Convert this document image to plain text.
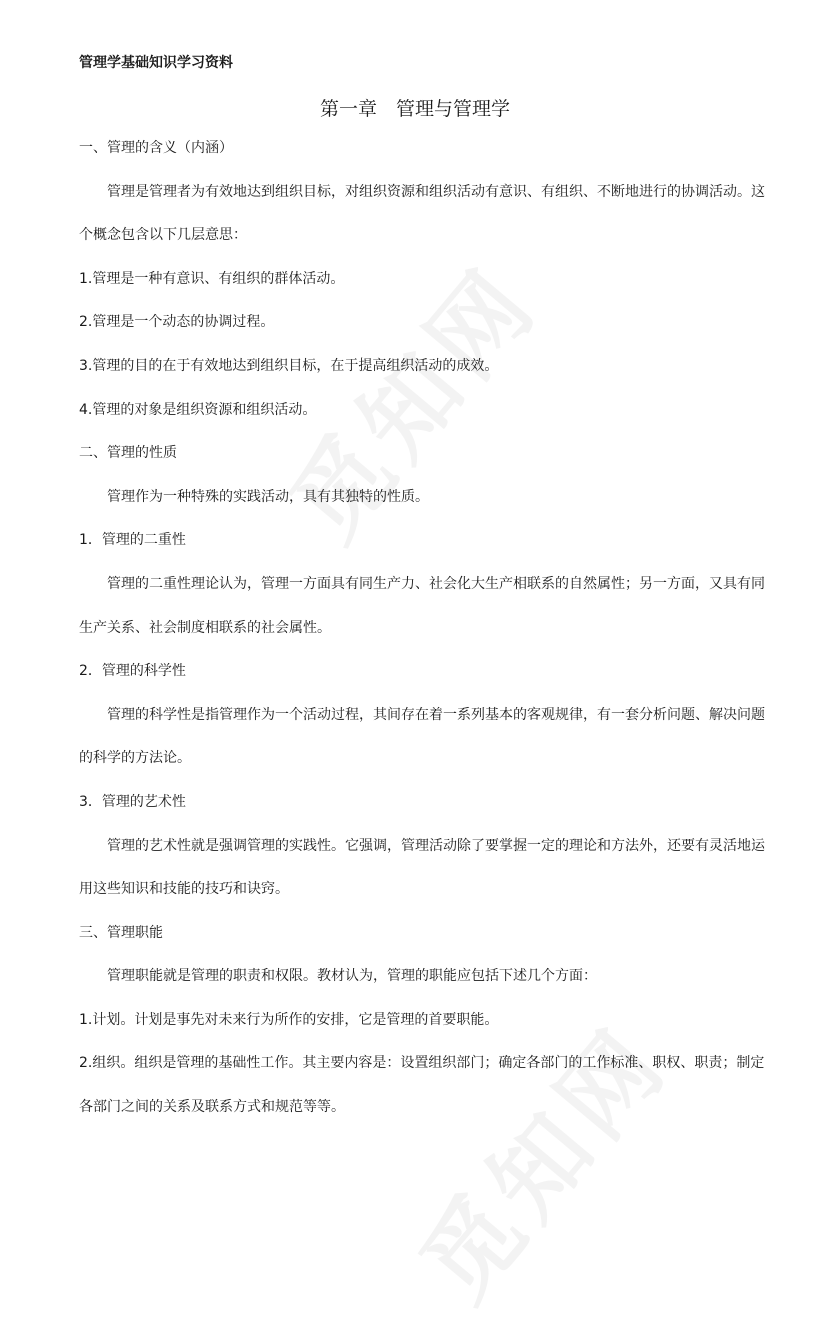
管理学基础知识学习资料
第一章　管理与管理学
一、管理的含义（内涵）
管理是管理者为有效地达到组织目标，对组织资源和组织活动有意识、有组织、不断地进行的协调活动。这
个概念包含以下几层意思：
1.管理是一种有意识、有组织的群体活动。
2.管理是一个动态的协调过程。
3.管理的目的在于有效地达到组织目标，在于提高组织活动的成效。
4.管理的对象是组织资源和组织活动。
二、管理的性质
管理作为一种特殊的实践活动，具有其独特的性质。
1．管理的二重性
管理的二重性理论认为，管理一方面具有同生产力、社会化大生产相联系的自然属性；另一方面，又具有同
生产关系、社会制度相联系的社会属性。
2．管理的科学性
管理的科学性是指管理作为一个活动过程，其间存在着一系列基本的客观规律，有一套分析问题、解决问题
的科学的方法论。
3．管理的艺术性
管理的艺术性就是强调管理的实践性。它强调，管理活动除了要掌握一定的理论和方法外，还要有灵活地运
用这些知识和技能的技巧和诀窍。
三、管理职能
管理职能就是管理的职责和权限。教材认为，管理的职能应包括下述几个方面：
1.计划。计划是事先对未来行为所作的安排，它是管理的首要职能。
2.组织。组织是管理的基础性工作。其主要内容是：设置组织部门；确定各部门的工作标准、职权、职责；制定
各部门之间的关系及联系方式和规范等等。
